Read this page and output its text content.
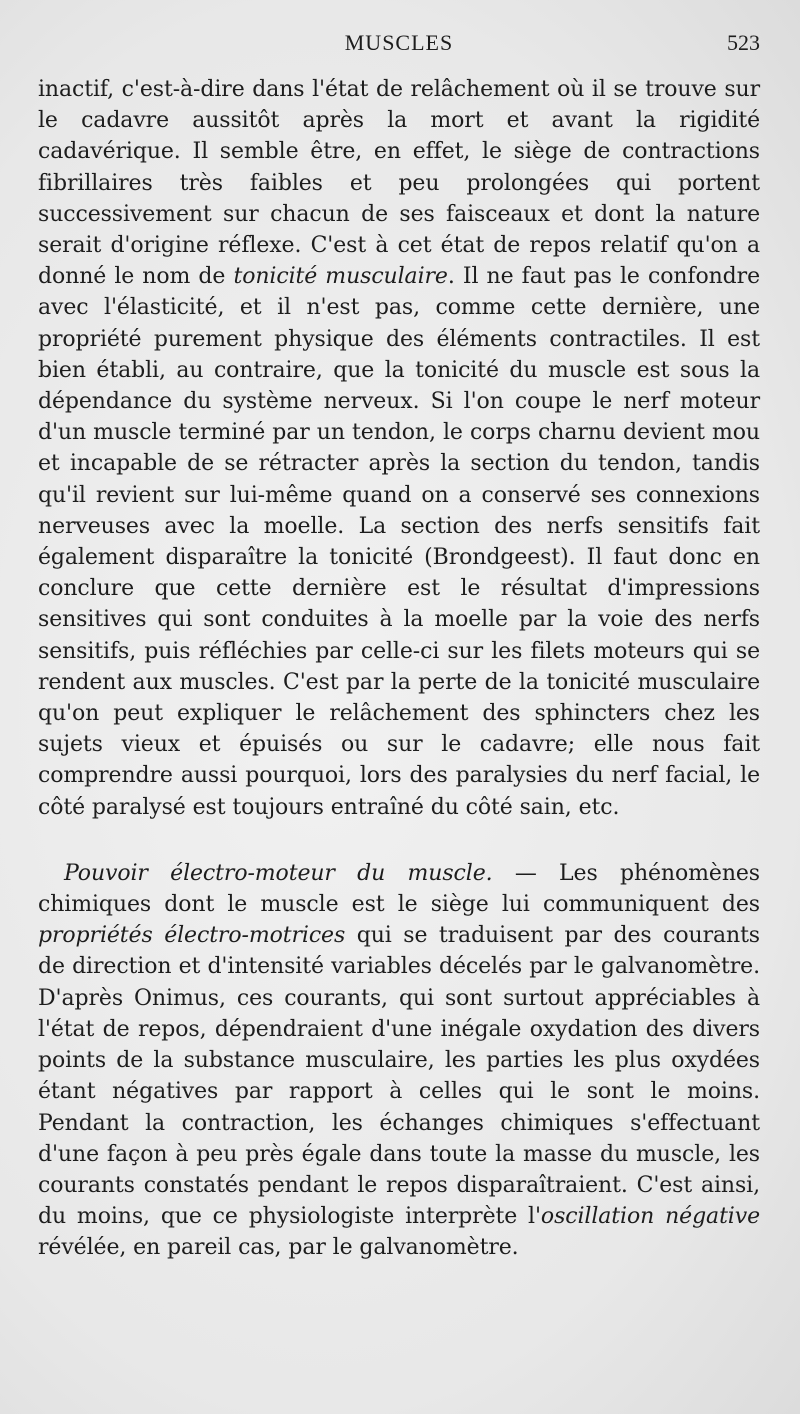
MUSCLES	523

inactif, c'est-à-dire dans l'état de relâchement où il se trouve sur le cadavre aussitôt après la mort et avant la rigidité cadavérique. Il semble être, en effet, le siège de contractions fibrillaires très faibles et peu prolongées qui portent successivement sur chacun de ses faisceaux et dont la nature serait d'origine réflexe. C'est à cet état de repos relatif qu'on a donné le nom de tonicité musculaire. Il ne faut pas le confondre avec l'élasticité, et il n'est pas, comme cette dernière, une propriété purement physique des éléments contractiles. Il est bien établi, au contraire, que la tonicité du muscle est sous la dépendance du système nerveux. Si l'on coupe le nerf moteur d'un muscle terminé par un tendon, le corps charnu devient mou et incapable de se rétracter après la section du tendon, tandis qu'il revient sur lui-même quand on a conservé ses connexions nerveuses avec la moelle. La section des nerfs sensitifs fait également disparaître la tonicité (Brondgeest). Il faut donc en conclure que cette dernière est le résultat d'impressions sensitives qui sont conduites à la moelle par la voie des nerfs sensitifs, puis réfléchies par celle-ci sur les filets moteurs qui se rendent aux muscles. C'est par la perte de la tonicité musculaire qu'on peut expliquer le relâchement des sphincters chez les sujets vieux et épuisés ou sur le cadavre; elle nous fait comprendre aussi pourquoi, lors des paralysies du nerf facial, le côté paralysé est toujours entraîné du côté sain, etc.

Pouvoir électro-moteur du muscle. — Les phénomènes chimiques dont le muscle est le siège lui communiquent des propriétés électro-motrices qui se traduisent par des courants de direction et d'intensité variables décelés par le galvanomètre. D'après Onimus, ces courants, qui sont surtout appréciables à l'état de repos, dépendraient d'une inégale oxydation des divers points de la substance musculaire, les parties les plus oxydées étant négatives par rapport à celles qui le sont le moins. Pendant la contraction, les échanges chimiques s'effectuant d'une façon à peu près égale dans toute la masse du muscle, les courants constatés pendant le repos disparaîtraient. C'est ainsi, du moins, que ce physiologiste interprète l'oscillation négative révélée, en pareil cas, par le galvanomètre.
